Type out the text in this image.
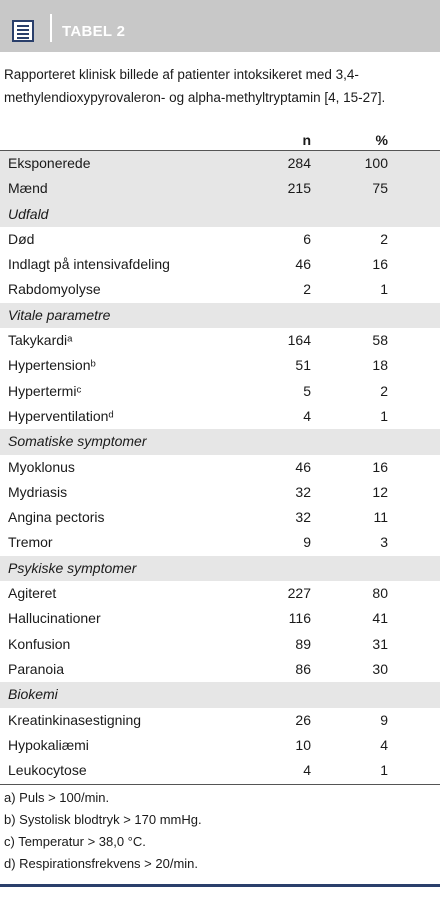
TABEL 2
Rapporteret klinisk billede af patienter intoksikeret med 3,4-methylendioxypyrovaleron- og alpha-methyltryptamin [4, 15-27].
n	%
Eksponerede	284	100
Mænd	215	75
Udfald
Død	6	2
Indlagt på intensivafdeling	46	16
Rabdomyolyse	2	1
Vitale parametre
Takykardiᵃ	164	58
Hypertensionᵇ	51	18
Hypertermiᶜ	5	2
Hyperventilationᵈ	4	1
Somatiske symptomer
Myoklonus	46	16
Mydriasis	32	12
Angina pectoris	32	11
Tremor	9	3
Psykiske symptomer
Agiteret	227	80
Hallucinationer	116	41
Konfusion	89	31
Paranoia	86	30
Biokemi
Kreatinkinasestigning	26	9
Hypokaliæmi	10	4
Leukocytose	4	1
a) Puls > 100/min.
b) Systolisk blodtryk > 170 mmHg.
c) Temperatur > 38,0 °C.
d) Respirationsfrekvens > 20/min.
